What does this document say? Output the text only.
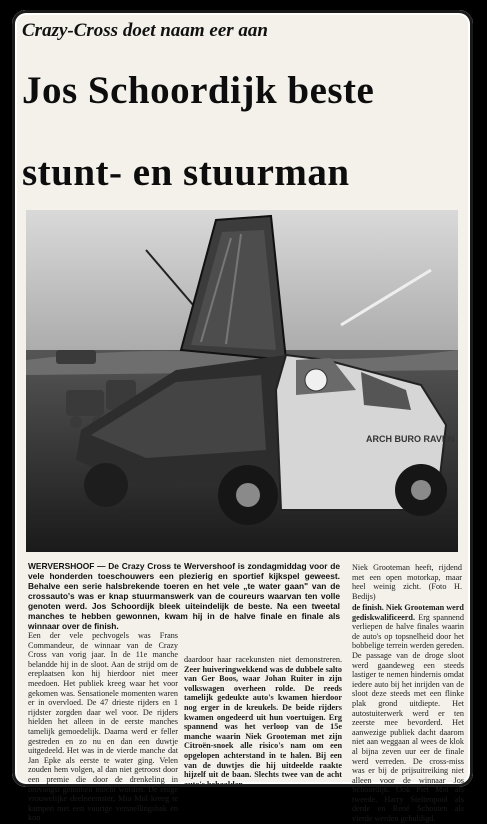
Crazy-Cross doet naam eer aan
Jos Schoordijk beste
stunt- en stuurman
ARCH BURO RAVEN

Niek Grooteman heeft, rijdend met een open motorkap, maar heel weinig zicht. (Foto H. Bedijs)

WERVERSHOOF — De Crazy Cross te Wervershoof is zondagmiddag voor de vele honderden toeschouwers een plezierig en sportief kijkspel geweest. Behalve een serie halsbrekende toeren en het vele „te water gaan" van de crossauto's was er knap stuurmanswerk van de coureurs waarvan ten volle genoten werd. Jos Schoordijk bleek uiteindelijk de beste. Na een tweetal manches te hebben gewonnen, kwam hij in de halve finale en finale als winnaar over de finish.

Een der vele pechvogels was Frans Commandeur, de winnaar van de Crazy Cross van vorig jaar. In de 11e manche belandde hij in de sloot. Aan de strijd om de ereplaatsen kon hij hierdoor niet meer meedoen. Het publiek kreeg waar het voor gekomen was. Sensationele momenten waren er in overvloed. De 47 drieste rijders en 1 rijdster zorgden daar wel voor. De rijders hielden het alleen in de eerste manches tamelijk gemoedelijk. Daarna werd er feller gestreden en zo nu en dan een duwtje uitgedeeld. Het was in de vierde manche dat Jan Epke als eerste te water ging. Velen zouden hem volgen, al dan niet getroost door een premie die door de drenkeling in ontvangst genomen mocht worden. De enige vrouwelijke deelneemster, Mia Mol kreeg te kampen met een vuurige versnellingsbak en kon

daardoor haar racekunsten niet demonstreren. Zeer huiveringwekkend was de dubbele salto van Ger Boos, waar Johan Ruiter in zijn volkswagen overheen rolde. De reeds tamelijk gedeukte auto's kwamen hierdoor nog erger in de kreukels. De beide rijders kwamen ongedeerd uit hun voertuigen. Erg spannend was het verloop van de 15e manche waarin Niek Grooteman met zijn Citroën-snoek alle risico's nam om een opgelopen achterstand in te halen. Bij een van de duwtjes die hij uitdeelde raakte hijzelf uit de baan. Slechts twee van de acht auto's behaalden

de finish. Niek Grooteman werd gediskwalificeerd. Erg spannend verliepen de halve finales waarin de auto's op topsnelheid door het bobbelige terrein werden gereden. De passage van de droge sloot werd gaandeweg een steeds lastiger te nemen hindernis omdat iedere auto bij het inrijden van de sloot deze steeds met een flinke plak grond uitdiepte. Het autostuiterwerk werd er ten zeerste mee bevorderd. Het aanwezige publiek dacht daarom niet aan weggaan al wees de klok al bijna zeven uur eer de finale werd verreden. De cross-miss was er bij de prijsuitreiking niet alleen voor de winnaar Jos Schoordijk. Ook Piet Mol als tweede, Harry Steltenpool als derde en René Schouten als vierde werden gehuldigd.
